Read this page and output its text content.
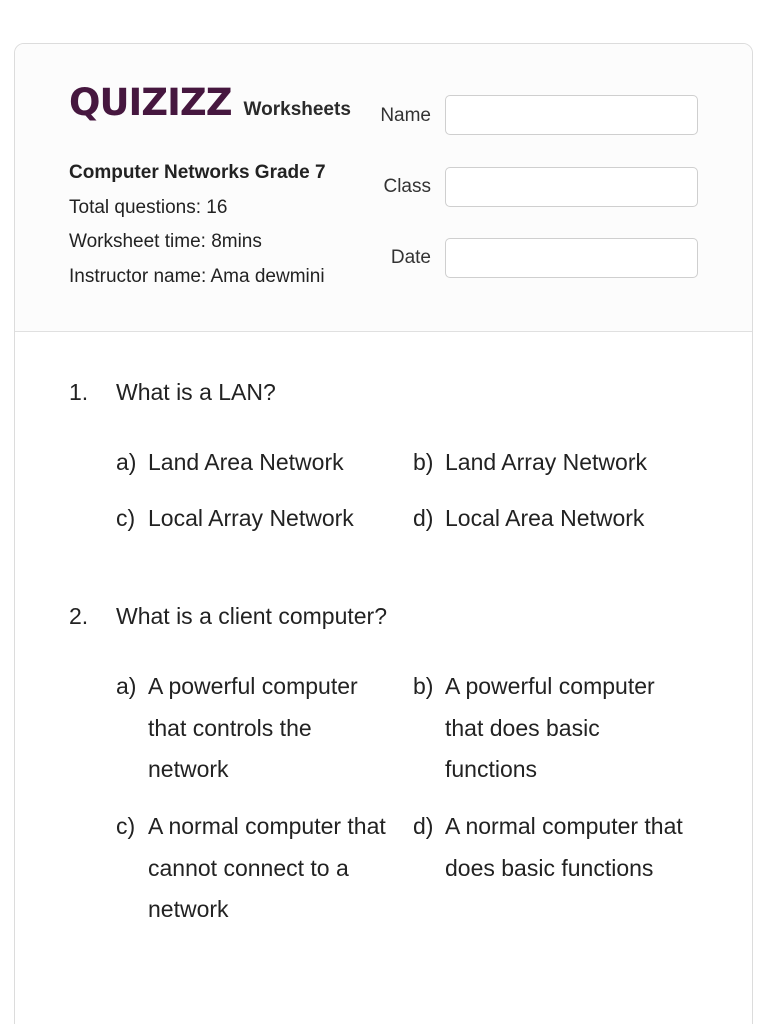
QUIZIZZ Worksheets
Computer Networks Grade 7
Total questions: 16
Worksheet time: 8mins
Instructor name: Ama dewmini
Name
Class
Date
1. What is a LAN?
a) Land Area Network	b) Land Array Network
c) Local Array Network	d) Local Area Network
2. What is a client computer?
a) A powerful computer that controls the network
b) A powerful computer that does basic functions
c) A normal computer that cannot connect to a network
d) A normal computer that does basic functions
